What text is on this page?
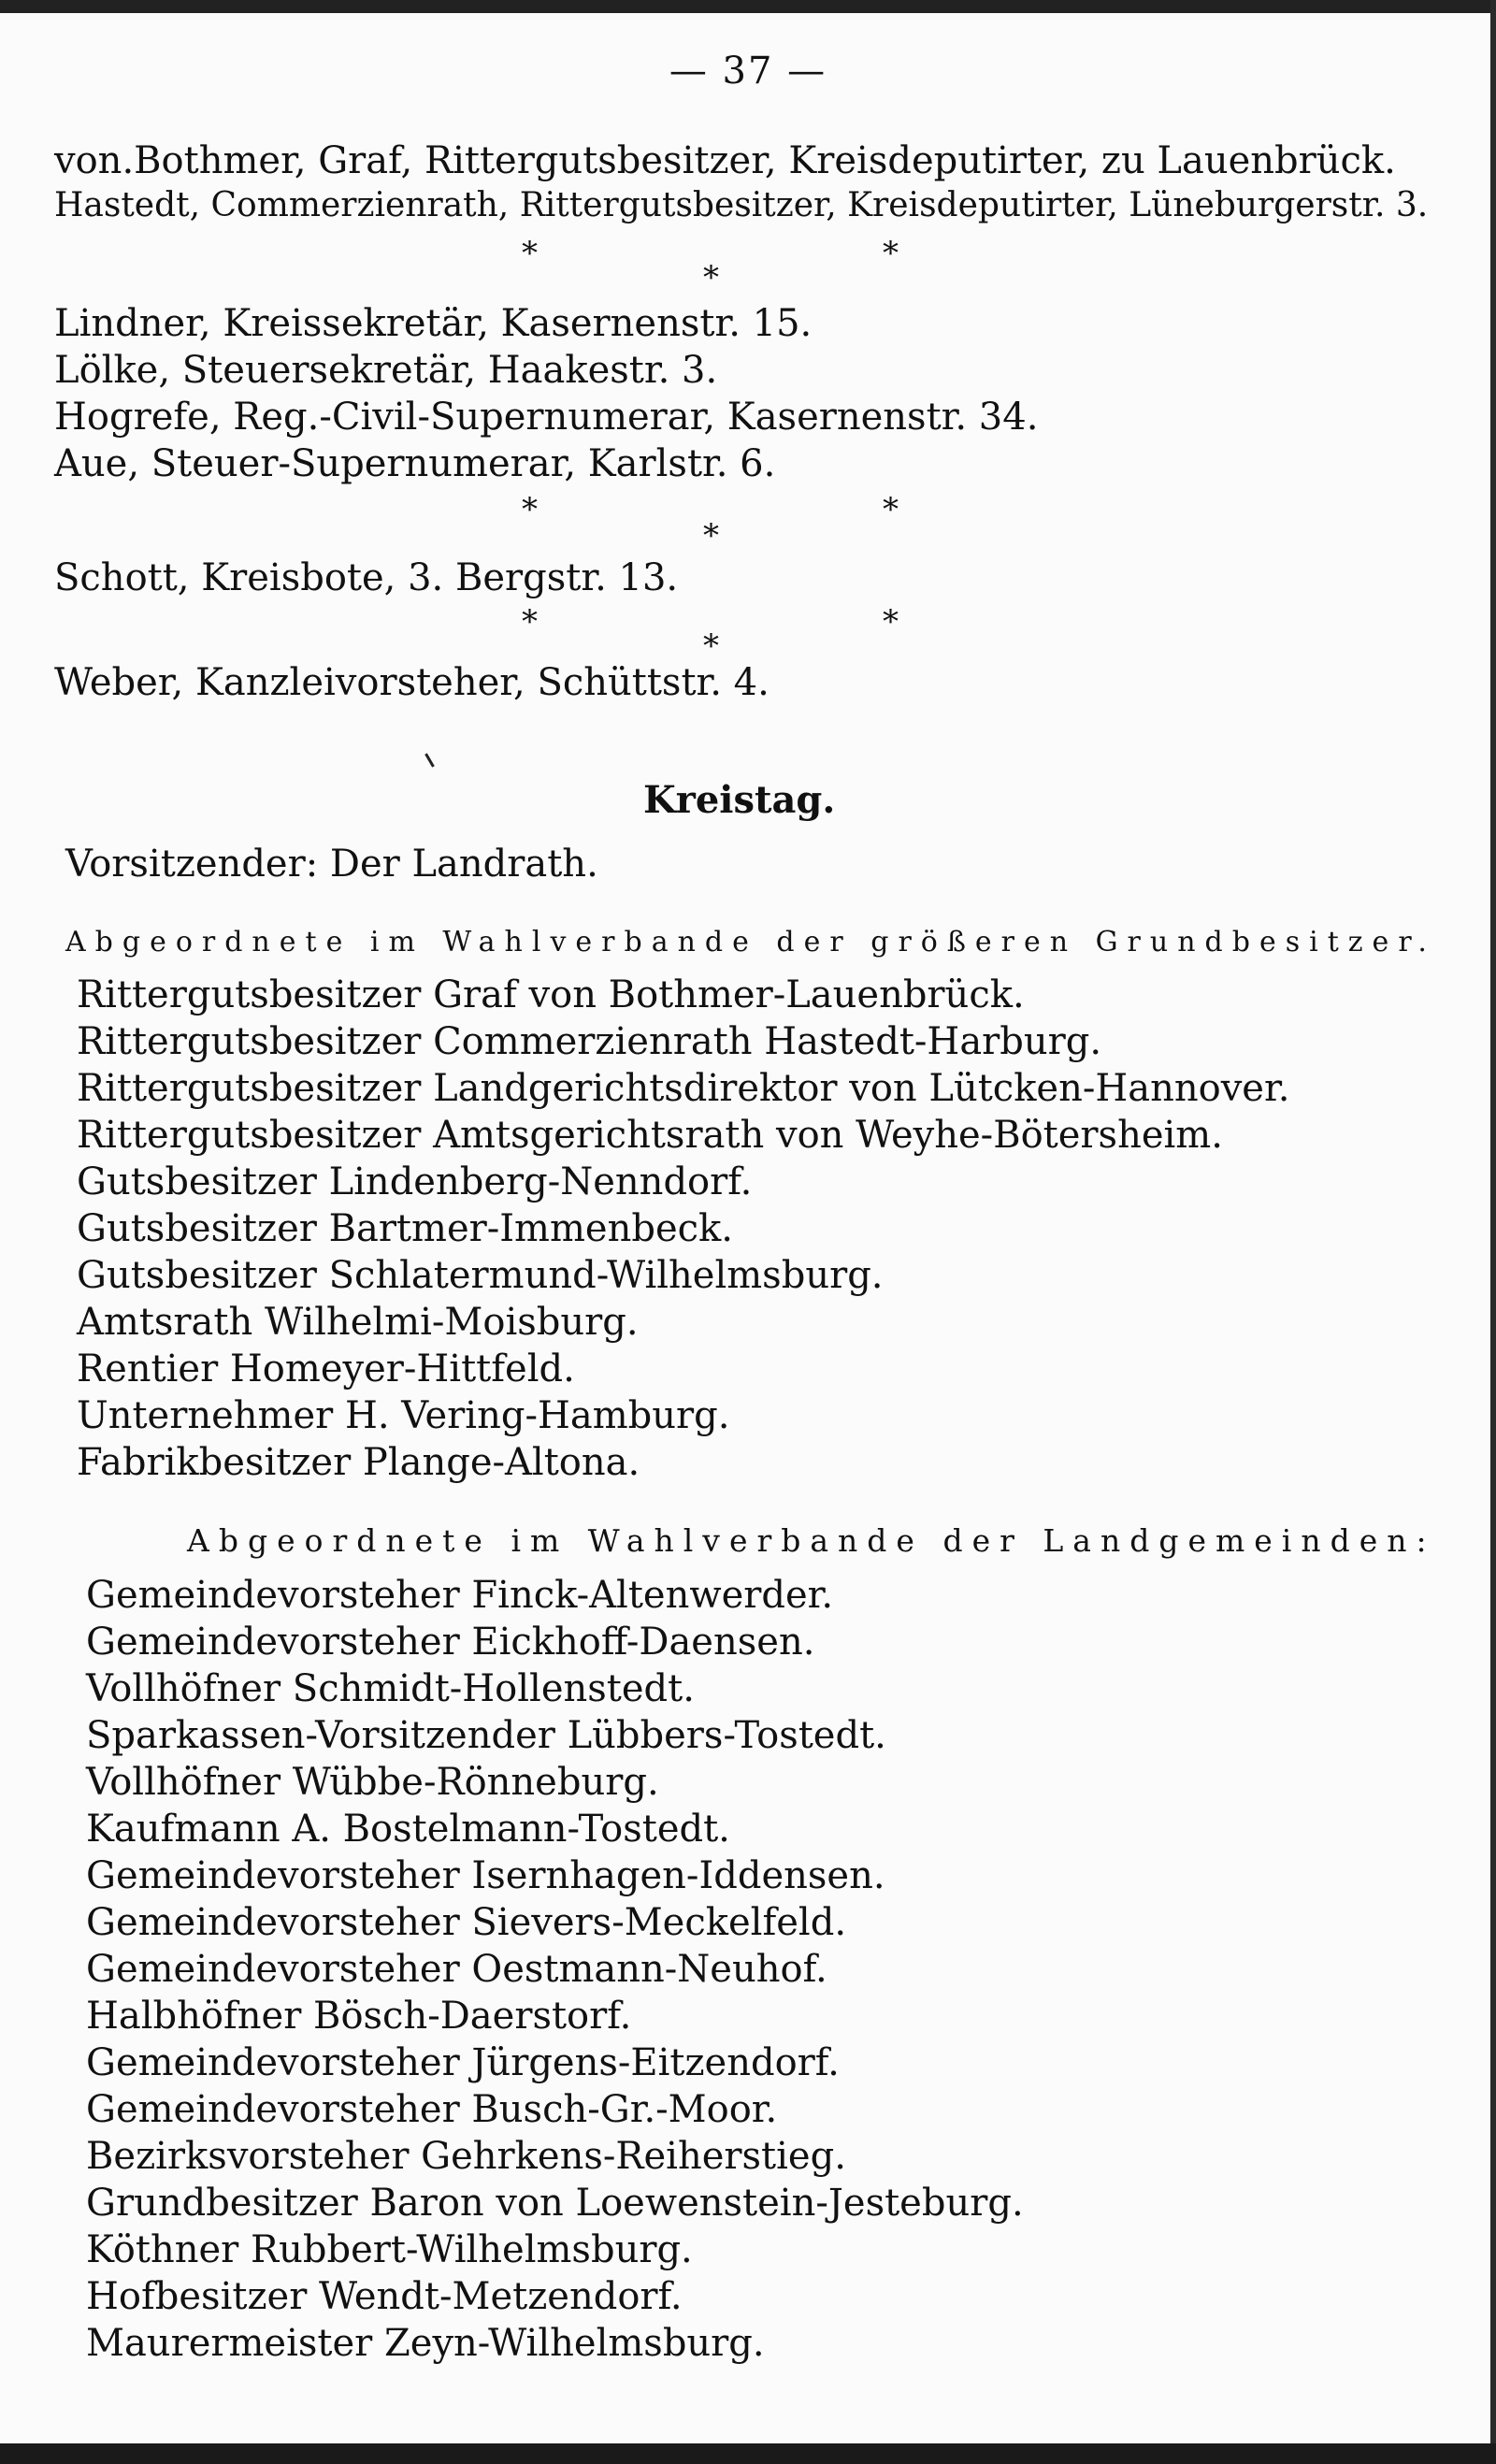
— 37 —
von.Bothmer, Graf, Rittergutsbesitzer, Kreisdeputirter, zu Lauenbrück.
Hastedt, Commerzienrath, Rittergutsbesitzer, Kreisdeputirter, Lüneburgerstr. 3.
*
*
*
Lindner, Kreissekretär, Kasernenstr. 15.
Lölke, Steuersekretär, Haakestr. 3.
Hogrefe, Reg.-Civil-Supernumerar, Kasernenstr. 34.
Aue, Steuer-Supernumerar, Karlstr. 6.
*
*
*
Schott, Kreisbote, 3. Bergstr. 13.
*
*
*
Weber, Kanzleivorsteher, Schüttstr. 4.
Kreistag.
Vorsitzender: Der Landrath.
Abgeordnete im Wahlverbande der größeren Grundbesitzer.
Rittergutsbesitzer Graf von Bothmer-Lauenbrück.
Rittergutsbesitzer Commerzienrath Hastedt-Harburg.
Rittergutsbesitzer Landgerichtsdirektor von Lütcken-Hannover.
Rittergutsbesitzer Amtsgerichtsrath von Weyhe-Bötersheim.
Gutsbesitzer Lindenberg-Nenndorf.
Gutsbesitzer Bartmer-Immenbeck.
Gutsbesitzer Schlatermund-Wilhelmsburg.
Amtsrath Wilhelmi-Moisburg.
Rentier Homeyer-Hittfeld.
Unternehmer H. Vering-Hamburg.
Fabrikbesitzer Plange-Altona.
Abgeordnete im Wahlverbande der Landgemeinden:
Gemeindevorsteher Finck-Altenwerder.
Gemeindevorsteher Eickhoff-Daensen.
Vollhöfner Schmidt-Hollenstedt.
Sparkassen-Vorsitzender Lübbers-Tostedt.
Vollhöfner Wübbe-Rönneburg.
Kaufmann A. Bostelmann-Tostedt.
Gemeindevorsteher Isernhagen-Iddensen.
Gemeindevorsteher Sievers-Meckelfeld.
Gemeindevorsteher Oestmann-Neuhof.
Halbhöfner Bösch-Daerstorf.
Gemeindevorsteher Jürgens-Eitzendorf.
Gemeindevorsteher Busch-Gr.-Moor.
Bezirksvorsteher Gehrkens-Reiherstieg.
Grundbesitzer Baron von Loewenstein-Jesteburg.
Köthner Rubbert-Wilhelmsburg.
Hofbesitzer Wendt-Metzendorf.
Maurermeister Zeyn-Wilhelmsburg.
